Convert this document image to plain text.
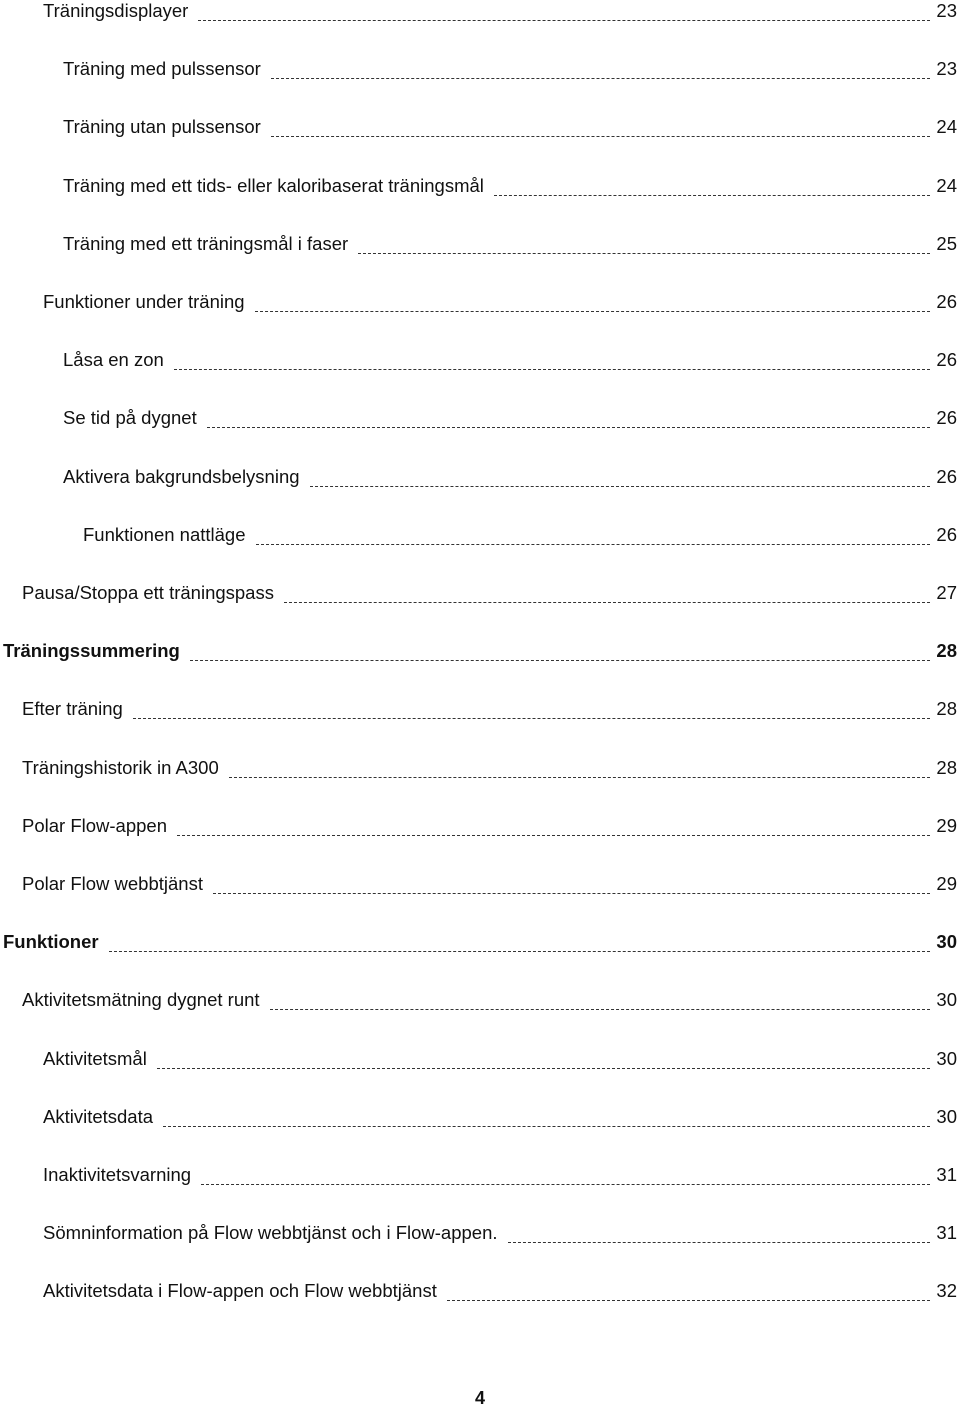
Träningsdisplayer	23
Träning med pulssensor	23
Träning utan pulssensor	24
Träning med ett tids- eller kaloribaserat träningsmål	24
Träning med ett träningsmål i faser	25
Funktioner under träning	26
Låsa en zon	26
Se tid på dygnet	26
Aktivera bakgrundsbelysning	26
Funktionen nattläge	26
Pausa/Stoppa ett träningspass	27
Träningssummering	28
Efter träning	28
Träningshistorik in A300	28
Polar Flow-appen	29
Polar Flow webbtjänst	29
Funktioner	30
Aktivitetsmätning dygnet runt	30
Aktivitetsmål	30
Aktivitetsdata	30
Inaktivitetsvarning	31
Sömninformation på Flow webbtjänst och i Flow-appen.	31
Aktivitetsdata i Flow-appen och Flow webbtjänst	32
4
